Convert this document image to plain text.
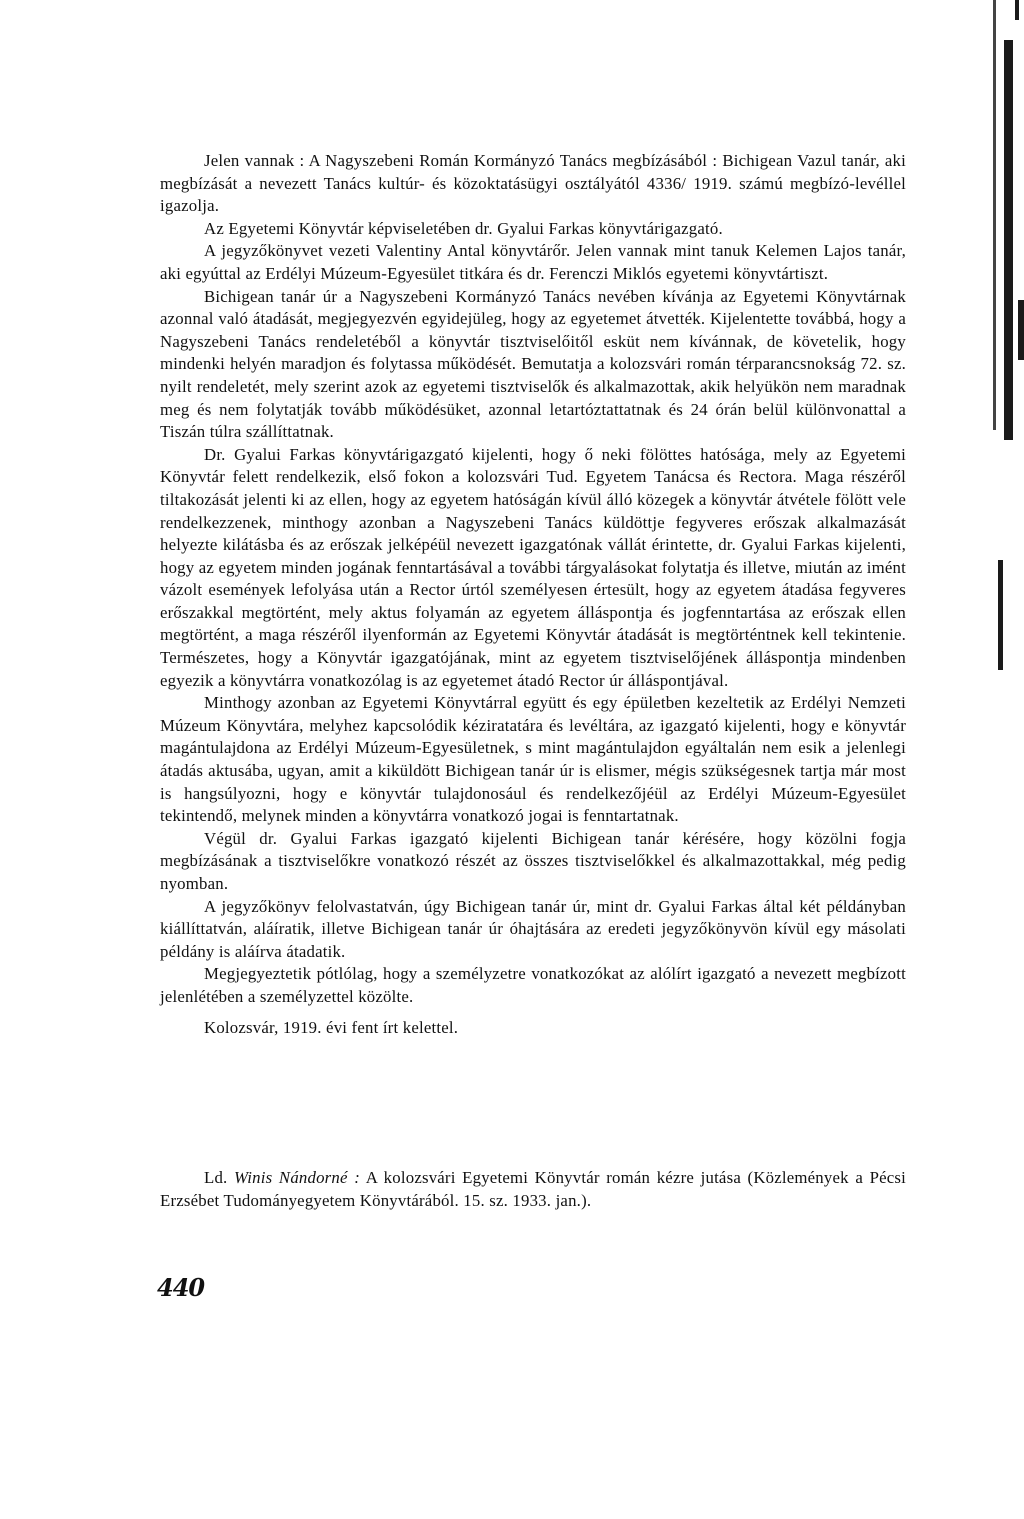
Jelen vannak : A Nagyszebeni Román Kormányzó Tanács megbízásából : Bichigean Vazul tanár, aki megbízását a nevezett Tanács kultúr- és közoktatásügyi osztályától 4336/ 1919. számú megbízó-levéllel igazolja.

Az Egyetemi Könyvtár képviseletében dr. Gyalui Farkas könyvtárigazgató.

A jegyzőkönyvet vezeti Valentiny Antal könyvtárőr. Jelen vannak mint tanuk Kelemen Lajos tanár, aki egyúttal az Erdélyi Múzeum-Egyesület titkára és dr. Ferenczi Miklós egyetemi könyvtártiszt.

Bichigean tanár úr a Nagyszebeni Kormányzó Tanács nevében kívánja az Egyetemi Könyvtárnak azonnal való átadását, megjegyezvén egyidejüleg, hogy az egyetemet átvették. Kijelentette továbbá, hogy a Nagyszebeni Tanács rendeletéből a könyvtár tisztviselőitől esküt nem kívánnak, de követelik, hogy mindenki helyén maradjon és folytassa működését. Bemutatja a kolozsvári román térparancsnokság 72. sz. nyilt rendeletét, mely szerint azok az egyetemi tisztviselők és alkalmazottak, akik helyükön nem maradnak meg és nem folytatják tovább működésüket, azonnal letartóztattatnak és 24 órán belül különvonattal a Tiszán túlra szállíttatnak.

Dr. Gyalui Farkas könyvtárigazgató kijelenti, hogy ő neki fölöttes hatósága, mely az Egyetemi Könyvtár felett rendelkezik, első fokon a kolozsvári Tud. Egyetem Tanácsa és Rectora. Maga részéről tiltakozását jelenti ki az ellen, hogy az egyetem hatóságán kívül álló közegek a könyvtár átvétele fölött vele rendelkezzenek, minthogy azonban a Nagyszebeni Tanács küldöttje fegyveres erőszak alkalmazását helyezte kilátásba és az erőszak jelképéül nevezett igazgatónak vállát érintette, dr. Gyalui Farkas kijelenti, hogy az egyetem minden jogának fenntartásával a további tárgyalásokat folytatja és illetve, miután az imént vázolt események lefolyása után a Rector úrtól személyesen értesült, hogy az egyetem átadása fegyveres erőszakkal megtörtént, mely aktus folyamán az egyetem álláspontja és jogfenntartása az erőszak ellen megtörtént, a maga részéről ilyenformán az Egyetemi Könyvtár átadását is megtörténtnek kell tekintenie. Természetes, hogy a Könyvtár igazgatójának, mint az egyetem tisztviselőjének álláspontja mindenben egyezik a könyvtárra vonatkozólag is az egyetemet átadó Rector úr álláspontjával.

Minthogy azonban az Egyetemi Könyvtárral együtt és egy épületben kezeltetik az Erdélyi Nemzeti Múzeum Könyvtára, melyhez kapcsolódik kéziratatára és levéltára, az igazgató kijelenti, hogy e könyvtár magántulajdona az Erdélyi Múzeum-Egyesületnek, s mint magántulajdon egyáltalán nem esik a jelenlegi átadás aktusába, ugyan, amit a kiküldött Bichigean tanár úr is elismer, mégis szükségesnek tartja már most is hangsúlyozni, hogy e könyvtár tulajdonosául és rendelkezőjéül az Erdélyi Múzeum-Egyesület tekintendő, melynek minden a könyvtárra vonatkozó jogai is fenntartatnak.

Végül dr. Gyalui Farkas igazgató kijelenti Bichigean tanár kérésére, hogy közölni fogja megbízásának a tisztviselőkre vonatkozó részét az összes tisztviselőkkel és alkalmazottakkal, még pedig nyomban.

A jegyzőkönyv felolvastatván, úgy Bichigean tanár úr, mint dr. Gyalui Farkas által két példányban kiállíttatván, aláíratik, illetve Bichigean tanár úr óhajtására az eredeti jegyzőkönyvön kívül egy másolati példány is aláírva átadatik.

Megjegyeztetik pótlólag, hogy a személyzetre vonatkozókat az alólírt igazgató a nevezett megbízott jelenlétében a személyzettel közölte.

Kolozsvár, 1919. évi fent írt kelettel.

Ld. Winis Nándorné : A kolozsvári Egyetemi Könyvtár román kézre jutása (Közlemények a Pécsi Erzsébet Tudományegyetem Könyvtárából. 15. sz. 1933. jan.).

440
